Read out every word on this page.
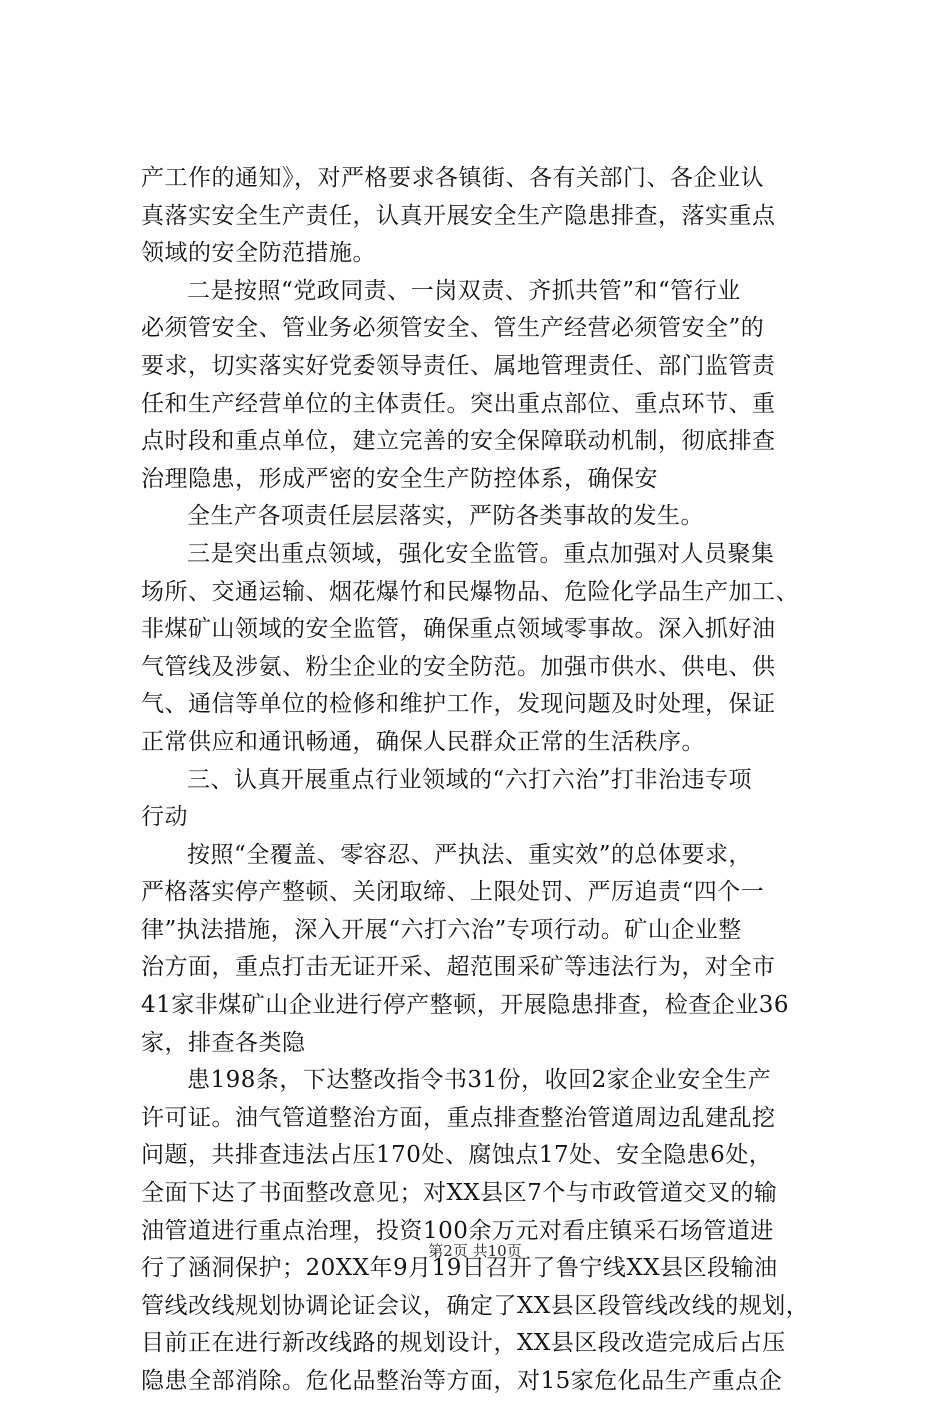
产工作的通知》，对严格要求各镇街、各有关部门、各企业认
真落实安全生产责任，认真开展安全生产隐患排查，落实重点
领域的安全防范措施。
二是按照“党政同责、一岗双责、齐抓共管”和“管行业
必须管安全、管业务必须管安全、管生产经营必须管安全”的
要求，切实落实好党委领导责任、属地管理责任、部门监管责
任和生产经营单位的主体责任。突出重点部位、重点环节、重
点时段和重点单位，建立完善的安全保障联动机制，彻底排查
治理隐患，形成严密的安全生产防控体系，确保安
全生产各项责任层层落实，严防各类事故的发生。
三是突出重点领域，强化安全监管。重点加强对人员聚集
场所、交通运输、烟花爆竹和民爆物品、危险化学品生产加工、
非煤矿山领域的安全监管，确保重点领域零事故。深入抓好油
气管线及涉氨、粉尘企业的安全防范。加强市供水、供电、供
气、通信等单位的检修和维护工作，发现问题及时处理，保证
正常供应和通讯畅通，确保人民群众正常的生活秩序。
三、认真开展重点行业领域的“六打六治”打非治违专项
行动
按照“全覆盖、零容忍、严执法、重实效”的总体要求，
严格落实停产整顿、关闭取缔、上限处罚、严厉追责“四个一
律”执法措施，深入开展“六打六治”专项行动。矿山企业整
治方面，重点打击无证开采、超范围采矿等违法行为，对全市
41家非煤矿山企业进行停产整顿，开展隐患排查，检查企业36
家，排查各类隐
患198条，下达整改指令书31份，收回2家企业安全生产
许可证。油气管道整治方面，重点排查整治管道周边乱建乱挖
问题，共排查违法占压170处、腐蚀点17处、安全隐患6处，
全面下达了书面整改意见；对XX县区7个与市政管道交叉的输
油管道进行重点治理，投资100余万元对看庄镇采石场管道进
行了涵洞保护；20XX年9月19日召开了鲁宁线XX县区段输油
管线改线规划协调论证会议，确定了XX县区段管线改线的规划，
目前正在进行新改线路的规划设计，XX县区段改造完成后占压
隐患全部消除。危化品整治等方面，对15家危化品生产重点企
第2页 共10页
